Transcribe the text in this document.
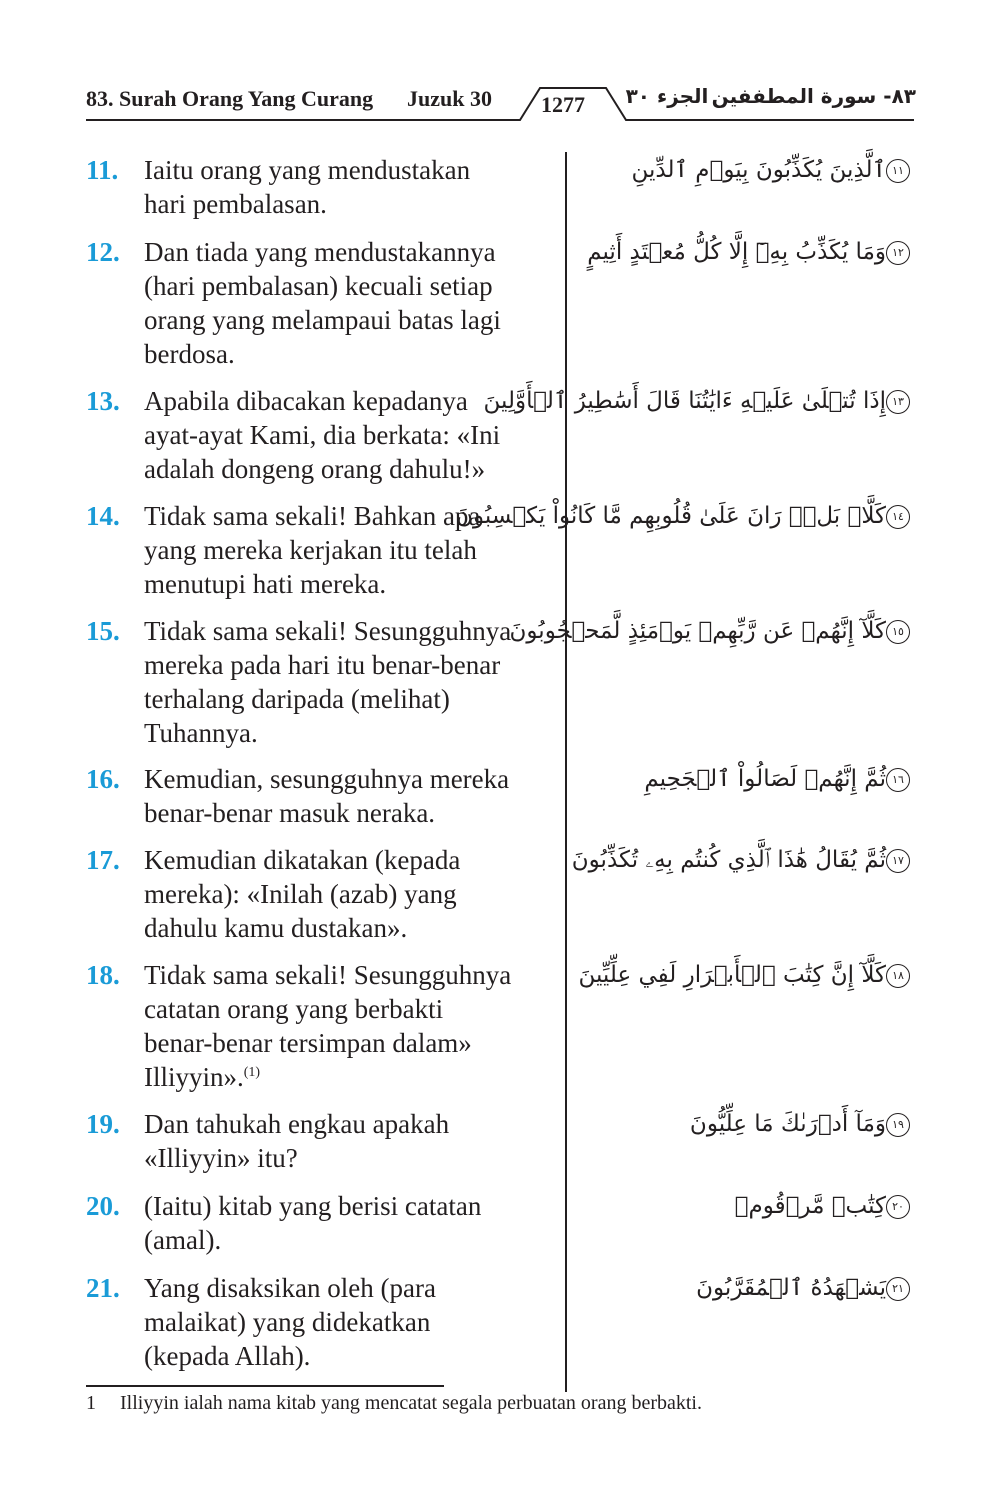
83. Surah Orang Yang Curang Juzuk 30	1277	الجزء ٣٠ ٨٣- سورة المطففين
11. Iaitu orang yang mendustakan
hari pembalasan.
١١ٱلَّذِينَ يُكَذِّبُونَ بِيَوۡمِ ٱلدِّينِ
12. Dan tiada yang mendustakannya
(hari pembalasan) kecuali setiap
orang yang melampaui batas lagi
berdosa.
١٢وَمَا يُكَذِّبُ بِهِۦٓ إِلَّا كُلُّ مُعۡتَدٍ أَثِيمٍ
13. Apabila dibacakan kepadanya
ayat-ayat Kami, dia berkata: «Ini
adalah dongeng orang dahulu!»
١٣إِذَا تُتۡلَىٰ عَلَيۡهِ ءَايَٰتُنَا قَالَ أَسَٰطِيرُ ٱلۡأَوَّلِينَ
14. Tidak sama sekali! Bahkan apa
yang mereka kerjakan itu telah
menutupi hati mereka.
١٤كَلَّاۖ بَلۡۜ رَانَ عَلَىٰ قُلُوبِهِم مَّا كَانُواْ يَكۡسِبُونَ
15. Tidak sama sekali! Sesungguhnya
mereka pada hari itu benar-benar
terhalang daripada (melihat)
Tuhannya.
١٥كَلَّآ إِنَّهُمۡ عَن رَّبِّهِمۡ يَوۡمَئِذٍ لَّمَحۡجُوبُونَ
16. Kemudian, sesungguhnya mereka
benar-benar masuk neraka.
١٦ثُمَّ إِنَّهُمۡ لَصَالُواْ ٱلۡجَحِيمِ
17. Kemudian dikatakan (kepada
mereka): «Inilah (azab) yang
dahulu kamu dustakan».
١٧ثُمَّ يُقَالُ هَٰذَا ٱلَّذِي كُنتُم بِهِۦ تُكَذِّبُونَ
18. Tidak sama sekali! Sesungguhnya
catatan orang yang berbakti
benar-benar tersimpan dalam»
Illiyyin».$^{(1)}$
١٨كَلَّآ إِنَّ كِتَٰبَ ٱلۡأَبۡرَارِ لَفِي عِلِّيِّينَ
19. Dan tahukah engkau apakah
«Illiyyin» itu?
١٩وَمَآ أَدۡرَىٰكَ مَا عِلِّيُّونَ
20. (Iaitu) kitab yang berisi catatan
(amal).
٢٠كِتَٰبٞ مَّرۡقُومٞ
21. Yang disaksikan oleh (para
malaikat) yang didekatkan
(kepada Allah).
٢١يَشۡهَدُهُ ٱلۡمُقَرَّبُونَ
1 Illiyyin ialah nama kitab yang mencatat segala perbuatan orang berbakti.
